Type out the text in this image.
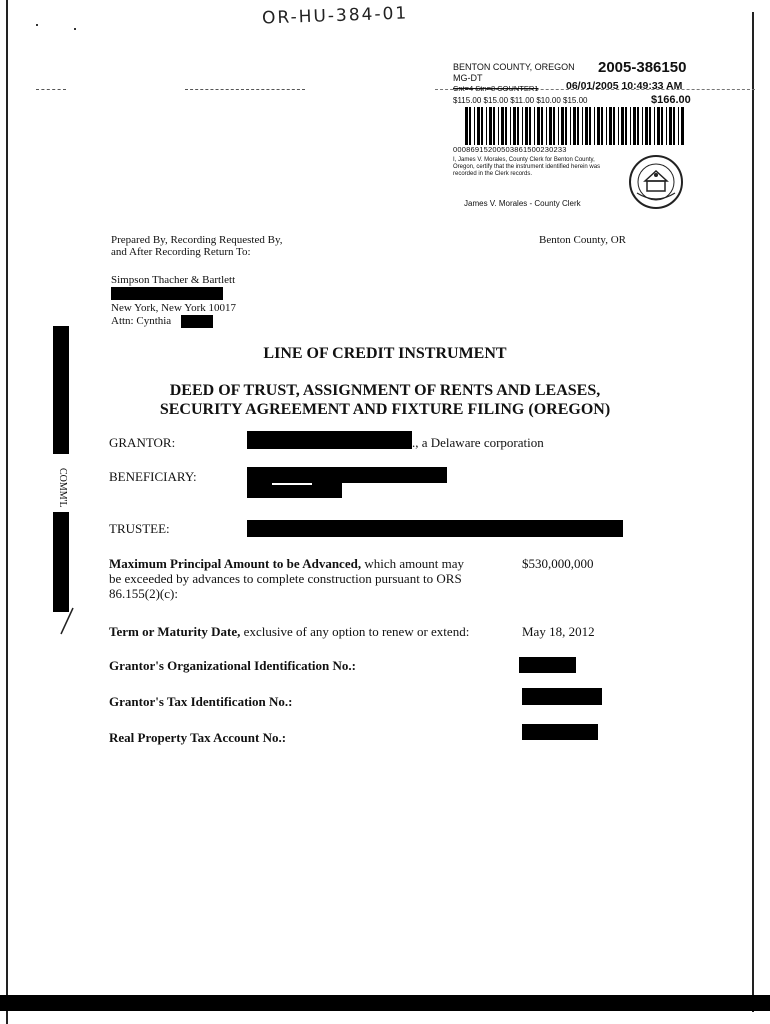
OR-HU-384-01
BENTON COUNTY, OREGON 2005-386150
MG-DT
Cnt=4 Stn=8 COUNTER1	06/01/2005 10:49:33 AM
$115.00 $15.00 $11.00 $10.00 $15.00	$166.00
00086915200503861500230233
I, James V. Morales, County Clerk for Benton County, Oregon, certify that the instrument identified herein was recorded in the Clerk records.
James V. Morales - County Clerk
Prepared By, Recording Requested By,
and After Recording Return To:
Benton County, OR
Simpson Thacher & Bartlett
New York, New York 10017
Attn: Cynthia
COMM'L
LINE OF CREDIT INSTRUMENT
DEED OF TRUST, ASSIGNMENT OF RENTS AND LEASES,
SECURITY AGREEMENT AND FIXTURE FILING (OREGON)
GRANTOR:	., a Delaware corporation
BENEFICIARY:
TRUSTEE:
Maximum Principal Amount to be Advanced, which amount may
be exceeded by advances to complete construction pursuant to ORS
86.155(2)(c):
$530,000,000
Term or Maturity Date, exclusive of any option to renew or extend:	May 18, 2012
Grantor's Organizational Identification No.:
Grantor's Tax Identification No.:
Real Property Tax Account No.:
